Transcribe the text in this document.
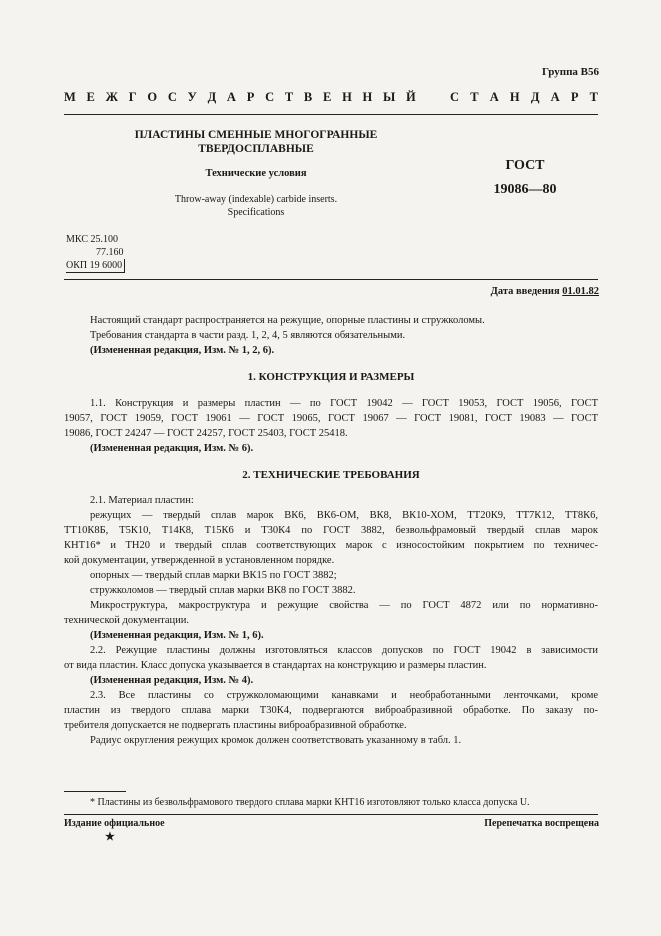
Группа В56
М Е Ж Г О С У Д А Р С Т В Е Н Н Ы Й	С Т А Н Д А Р Т
ПЛАСТИНЫ СМЕННЫЕ МНОГОГРАННЫЕ
ТВЕРДОСПЛАВНЫЕ
Технические условия
Throw-away (indexable) carbide inserts.
Specifications
ГОСТ
19086—80
МКС 25.100
77.160
ОКП 19 6000
Дата введения 01.01.82
Настоящий стандарт распространяется на режущие, опорные пластины и стружколомы.
Требования стандарта в части разд. 1, 2, 4, 5 являются обязательными.
(Измененная редакция, Изм. № 1, 2, 6).
1. КОНСТРУКЦИЯ И РАЗМЕРЫ
1.1. Конструкция и размеры пластин — по ГОСТ 19042 — ГОСТ 19053, ГОСТ 19056, ГОСТ
19057, ГОСТ 19059, ГОСТ 19061 — ГОСТ 19065, ГОСТ 19067 — ГОСТ 19081, ГОСТ 19083 — ГОСТ
19086, ГОСТ 24247 — ГОСТ 24257, ГОСТ 25403, ГОСТ 25418.
(Измененная редакция, Изм. № 6).
2. ТЕХНИЧЕСКИЕ ТРЕБОВАНИЯ
2.1. Материал пластин:
режущих — твердый сплав марок ВК6, ВК6-ОМ, ВК8, ВК10-ХОМ, ТТ20К9, ТТ7К12, ТТ8К6,
ТТ10К8Б, Т5К10, Т14К8, Т15К6 и Т30К4 по ГОСТ 3882, безвольфрамовый твердый сплав марок
КНТ16* и ТН20 и твердый сплав соответствующих марок с износостойким покрытием по техничес-
кой документации, утвержденной в установленном порядке.
опорных — твердый сплав марки ВК15 по ГОСТ 3882;
стружколомов — твердый сплав марки ВК8 по ГОСТ 3882.
Микроструктура, макроструктура и режущие свойства — по ГОСТ 4872 или по нормативно-
технической документации.
(Измененная редакция, Изм. № 1, 6).
2.2. Режущие пластины должны изготовляться классов допусков по ГОСТ 19042 в зависимости
от вида пластин. Класс допуска указывается в стандартах на конструкцию и размеры пластин.
(Измененная редакция, Изм. № 4).
2.3. Все пластины со стружколомающими канавками и необработанными ленточками, кроме
пластин из твердого сплава марки Т30К4, подвергаются виброабразивной обработке. По заказу по-
требителя допускается не подвергать пластины виброабразивной обработке.
Радиус округления режущих кромок должен соответствовать указанному в табл. 1.
* Пластины из безвольфрамового твердого сплава марки КНТ16 изготовляют только класса допуска U.
Издание официальное	Перепечатка воспрещена
★
